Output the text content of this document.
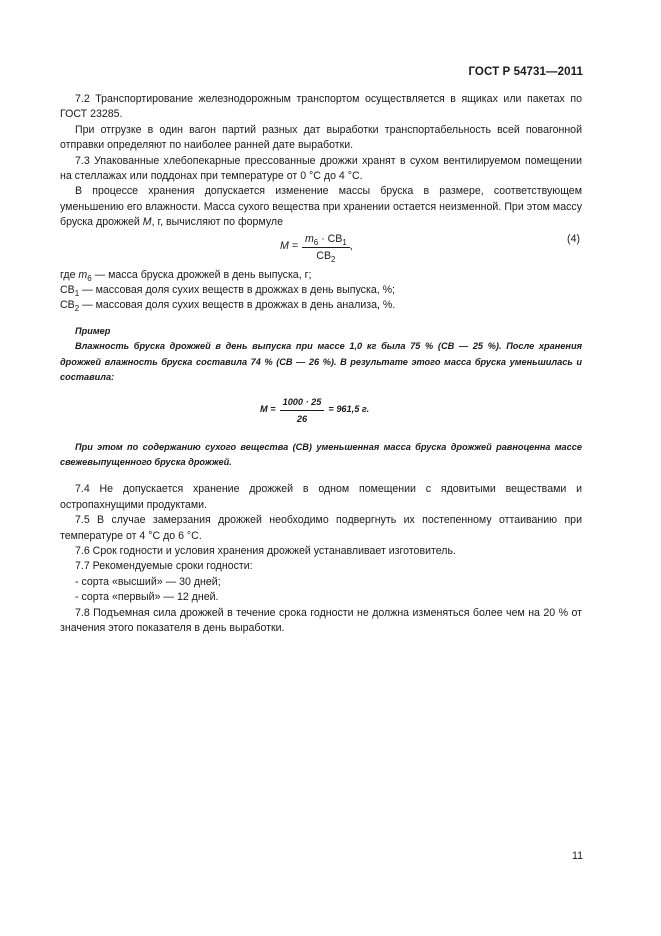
ГОСТ Р 54731—2011

7.2 Транспортирование железнодорожным транспортом осуществляется в ящиках или пакетах по ГОСТ 23285.

При отгрузке в один вагон партий разных дат выработки транспортабельность всей повагонной отправки определяют по наиболее ранней дате выработки.

7.3 Упакованные хлебопекарные прессованные дрожжи хранят в сухом вентилируемом помещении на стеллажах или поддонах при температуре от 0 °С до 4 °С.

В процессе хранения допускается изменение массы бруска в размере, соответствующем уменьшению его влажности. Масса сухого вещества при хранении остается неизменной. При этом массу бруска дрожжей М, г, вычисляют по формуле

$М = \frac{m_6 \cdot СВ_1}{СВ_2}$ ,
(4)

где $m_6$ — масса бруска дрожжей в день выпуска, г;

$СВ_1$ — массовая доля сухих веществ в дрожжах в день выпуска, %;

$СВ_2$ — массовая доля сухих веществ в дрожжах в день анализа, %.

Пример

Влажность бруска дрожжей в день выпуска при массе 1,0 кг была 75 % (СВ — 25 %). После хранения дрожжей влажность бруска составила 74 % (СВ — 26 %). В результате этого масса бруска уменьшилась и составила:

$М = \frac{1000 \cdot 25}{26} = 961,5$ г.

При этом по содержанию сухого вещества (СВ) уменьшенная масса бруска дрожжей равноценна массе свежевыпущенного бруска дрожжей.

7.4 Не допускается хранение дрожжей в одном помещении с ядовитыми веществами и остропахнущими продуктами.

7.5 В случае замерзания дрожжей необходимо подвергнуть их постепенному оттаиванию при температуре от 4 °С до 6 °С.

7.6 Срок годности и условия хранения дрожжей устанавливает изготовитель.

7.7 Рекомендуемые сроки годности:

- сорта «высший» — 30 дней;

- сорта «первый» — 12 дней.

7.8 Подъемная сила дрожжей в течение срока годности не должна изменяться более чем на 20 % от значения этого показателя в день выработки.

11
